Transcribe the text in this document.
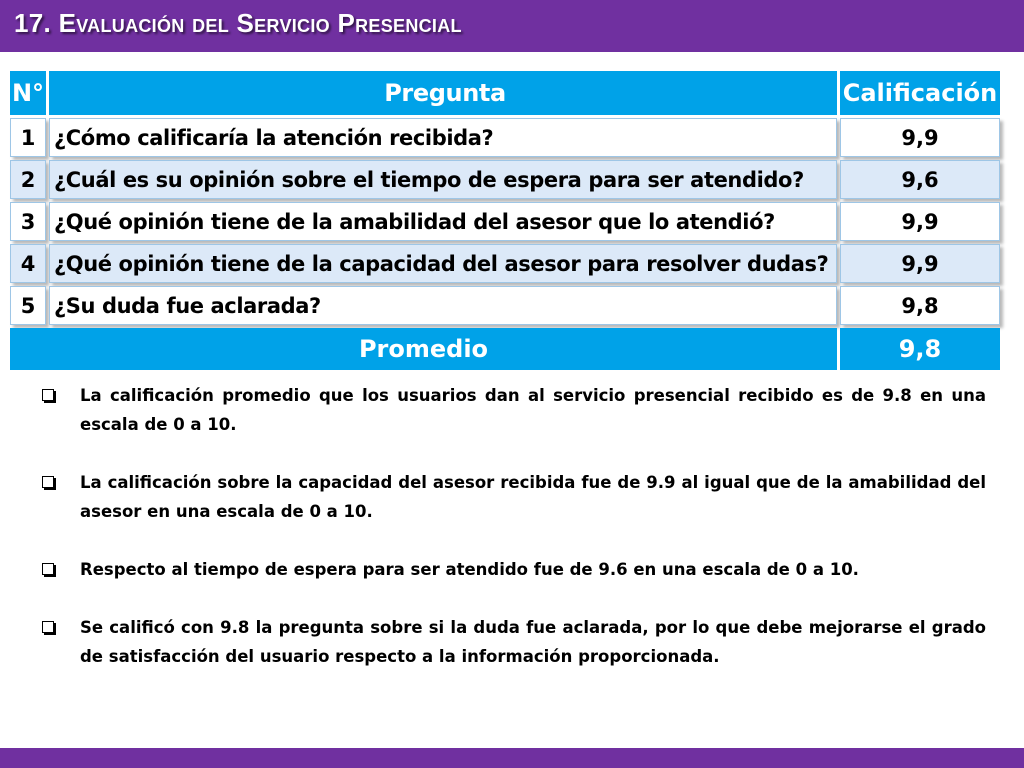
17. Evaluación del Servicio Presencial
N°	Pregunta	Calificación
1	¿Cómo calificaría la atención recibida?	9,9
2	¿Cuál es su opinión sobre el tiempo de espera para ser atendido?	9,6
3	¿Qué opinión tiene de la amabilidad del asesor que lo atendió?	9,9
4	¿Qué opinión tiene de la capacidad del asesor para resolver dudas?	9,9
5	¿Su duda fue aclarada?	9,8
Promedio		9,8
La calificación promedio que los usuarios dan al servicio presencial recibido es de 9.8 en una escala de 0 a 10.
La calificación sobre la capacidad del asesor recibida fue de 9.9 al igual que de la amabilidad del asesor en una escala de 0 a 10.
Respecto al tiempo de espera para ser atendido fue de 9.6 en una escala de 0 a 10.
Se calificó con 9.8 la pregunta sobre si la duda fue aclarada, por lo que debe mejorarse el grado de satisfacción del usuario respecto a la información proporcionada.
